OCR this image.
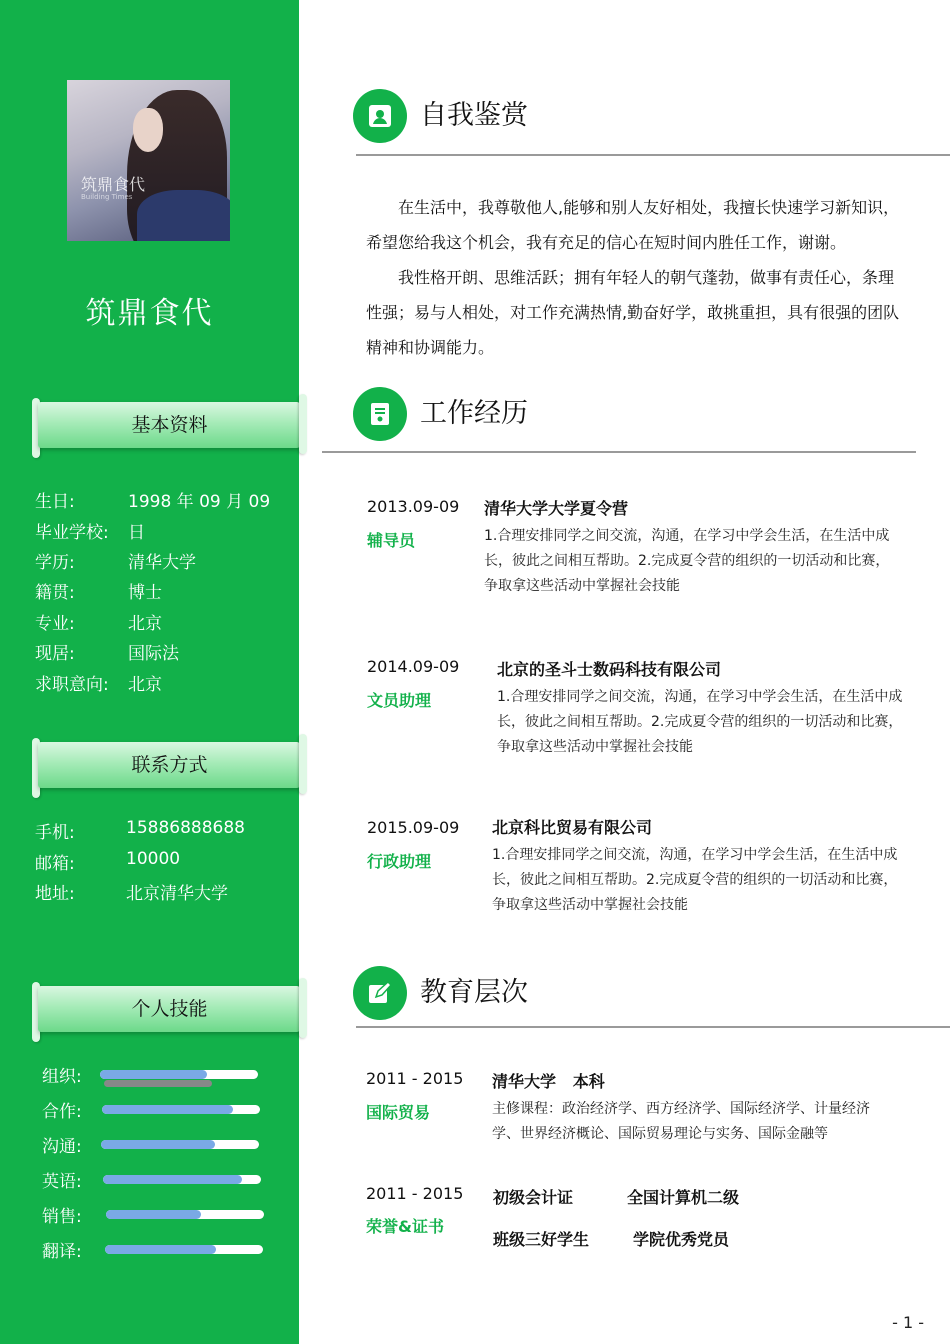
筑鼎食代
Building Times
筑鼎食代
基本资料
生日:	1998 年 09 月 09
毕业学校: 日
学历:	清华大学
籍贯:	博士
专业:	北京
现居:	国际法
求职意向: 北京
联系方式
手机:	15886888688
邮箱:	10000
地址:	北京清华大学
个人技能
组织:
合作:
沟通:
英语:
销售:
翻译:
自我鉴赏
在生活中，我尊敬他人,能够和别人友好相处，我擅长快速学习新知识，希望您给我这个机会，我有充足的信心在短时间内胜任工作，谢谢。
我性格开朗、思维活跃；拥有年轻人的朝气蓬勃，做事有责任心，条理性强；易与人相处，对工作充满热情,勤奋好学，敢挑重担，具有很强的团队精神和协调能力。
工作经历
2013.09-09
辅导员
清华大学大学夏令营
1.合理安排同学之间交流，沟通，在学习中学会生活，在生活中成长，彼此之间相互帮助。2.完成夏令营的组织的一切活动和比赛，争取拿这些活动中掌握社会技能
2014.09-09
文员助理
北京的圣斗士数码科技有限公司
1.合理安排同学之间交流，沟通，在学习中学会生活，在生活中成长，彼此之间相互帮助。2.完成夏令营的组织的一切活动和比赛，争取拿这些活动中掌握社会技能
2015.09-09
行政助理
北京科比贸易有限公司
1.合理安排同学之间交流，沟通，在学习中学会生活，在生活中成长，彼此之间相互帮助。2.完成夏令营的组织的一切活动和比赛，争取拿这些活动中掌握社会技能
教育层次
2011 - 2015
国际贸易
清华大学   本科
主修课程：政治经济学、西方经济学、国际经济学、计量经济学、世界经济概论、国际贸易理论与实务、国际金融等
2011 - 2015
荣誉&证书
初级会计证	全国计算机二级
班级三好学生	学院优秀党员
- 1 -
